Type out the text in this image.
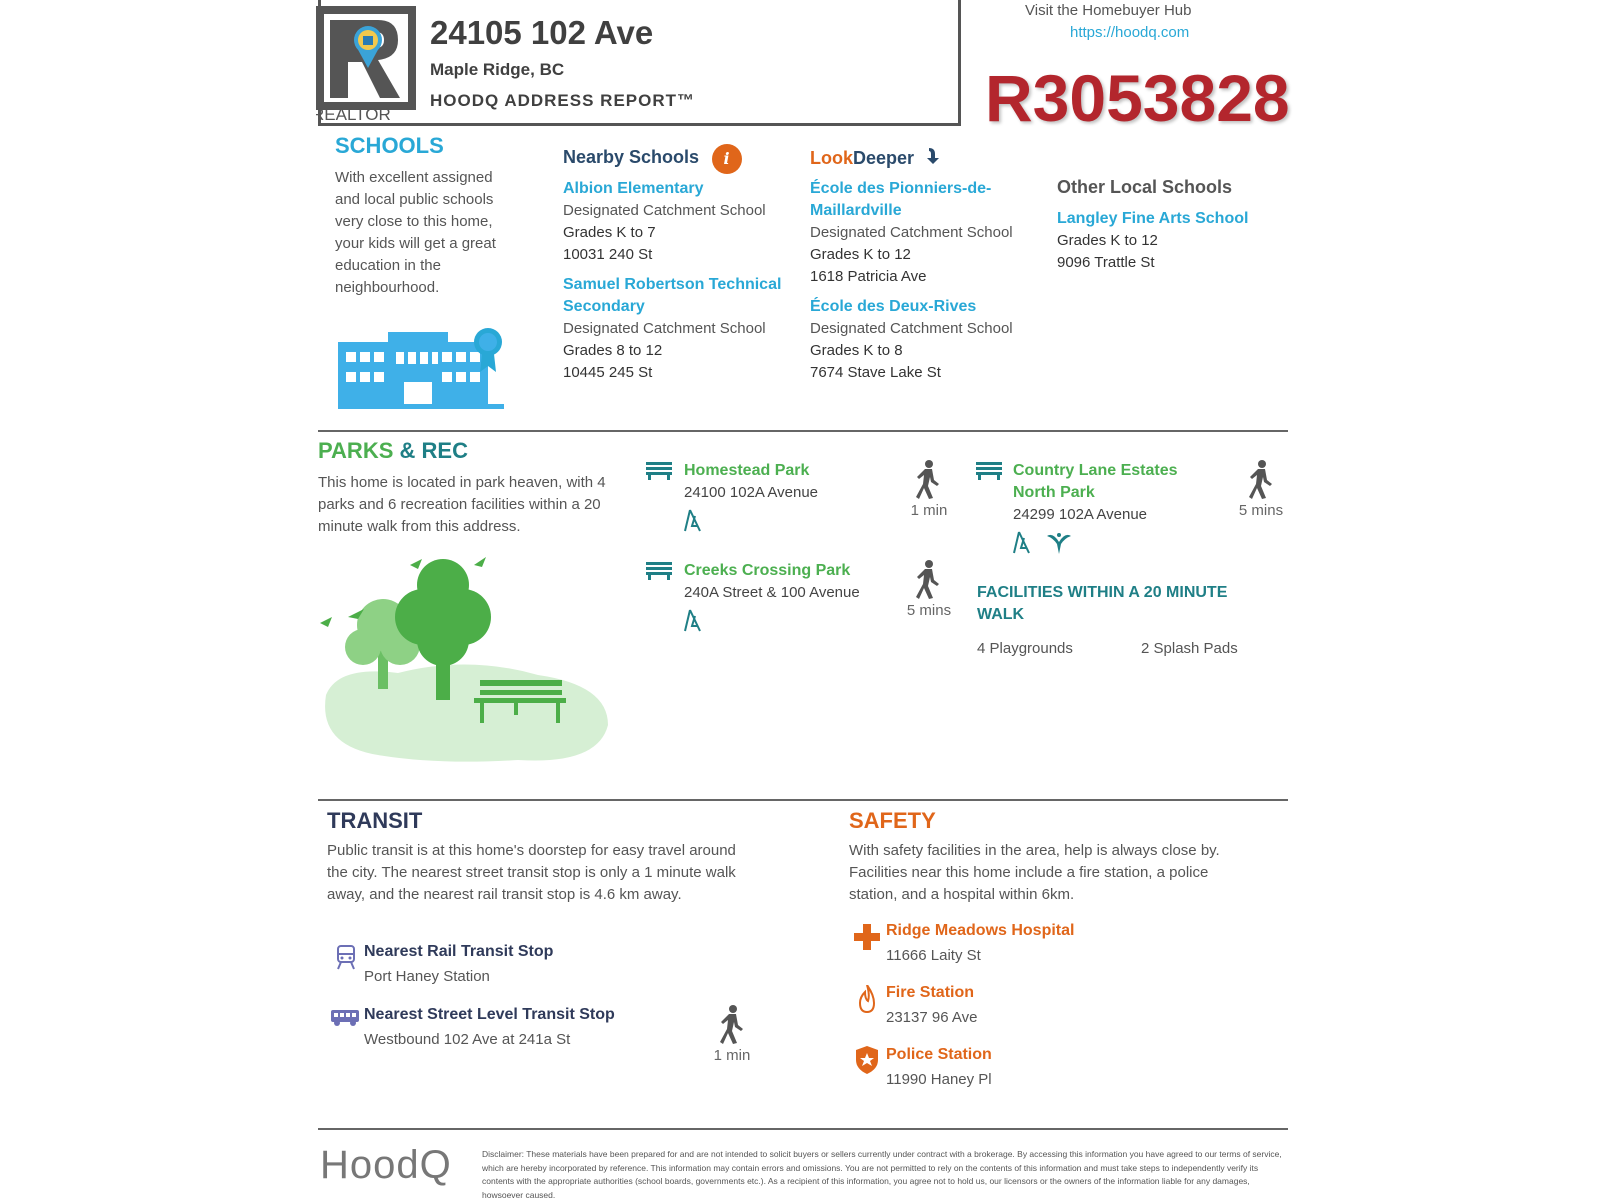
REALTOR
24105 102 Ave
Maple Ridge, BC
HOODQ ADDRESS REPORT™
Visit the Homebuyer Hub
https://hoodq.com
R3053828
SCHOOLS
With excellent assigned and local public schools very close to this home, your kids will get a great education in the neighbourhood.
Nearby Schools i
Albion Elementary
Designated Catchment School
Grades K to 7
10031 240 St
Samuel Robertson Technical Secondary
Designated Catchment School
Grades 8 to 12
10445 245 St
LookDeeper
École des Pionniers-de-Maillardville
Designated Catchment School
Grades K to 12
1618 Patricia Ave
École des Deux-Rives
Designated Catchment School
Grades K to 8
7674 Stave Lake St
Other Local Schools
Langley Fine Arts School
Grades K to 12
9096 Trattle St
PARKS & REC
This home is located in park heaven, with 4 parks and 6 recreation facilities within a 20 minute walk from this address.
Homestead Park
24100 102A Avenue
1 min
Creeks Crossing Park
240A Street & 100 Avenue
5 mins
Country Lane Estates North Park
24299 102A Avenue
	5 mins
FACILITIES WITHIN A 20 MINUTE WALK
4 Playgrounds	2 Splash Pads
TRANSIT
Public transit is at this home's doorstep for easy travel around the city. The nearest street transit stop is only a 1 minute walk away, and the nearest rail transit stop is 4.6 km away.
Nearest Rail Transit Stop
Port Haney Station
Nearest Street Level Transit Stop
Westbound 102 Ave at 241a St
1 min
SAFETY
With safety facilities in the area, help is always close by. Facilities near this home include a fire station, a police station, and a hospital within 6km.
Ridge Meadows Hospital
11666 Laity St
Fire Station
23137 96 Ave
Police Station
11990 Haney Pl
HoodQ	Disclaimer: These materials have been prepared for and are not intended to solicit buyers or sellers currently under contract with a brokerage. By accessing this information you have agreed to our terms of service, which are hereby incorporated by reference. This information may contain errors and omissions. You are not permitted to rely on the contents of this information and must take steps to independently verify its contents with the appropriate authorities (school boards, governments etc.). As a recipient of this information, you agree not to hold us, our licensors or the owners of the information liable for any damages, howsoever caused.
